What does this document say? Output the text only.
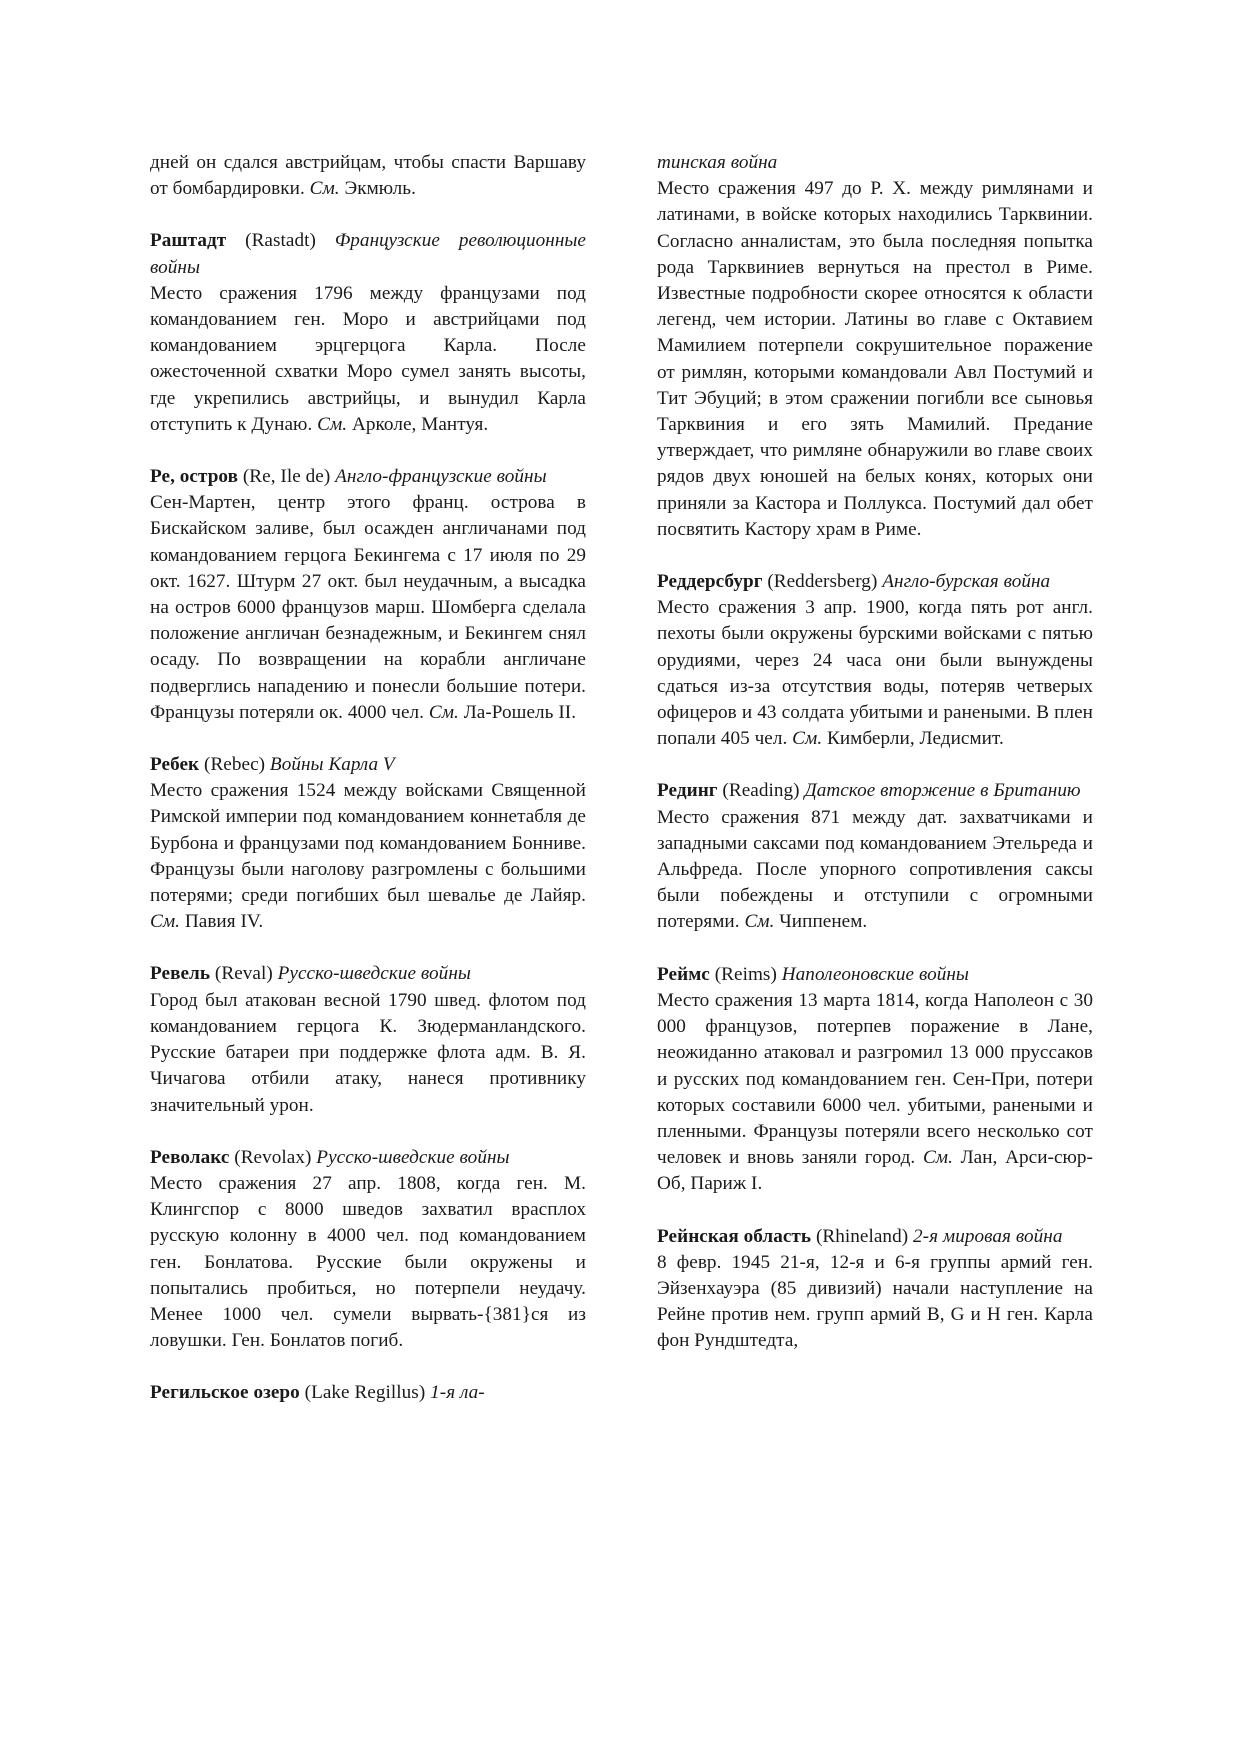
дней он сдался австрийцам, чтобы спасти Варшаву от бомбардировки. См. Экмюль.

Раштадт (Rastadt) Французские революционные войны

Место сражения 1796 между французами под командованием ген. Моро и австрийцами под командованием эрцгерцога Карла. После ожесточенной схватки Моро сумел занять высоты, где укрепились австрийцы, и вынудил Карла отступить к Дунаю. См. Арколе, Мантуя.

Ре, остров (Re, Ile de) Англо-французские войны

Сен-Мартен, центр этого франц. острова в Бискайском заливе, был осажден англичанами под командованием герцога Бекингема с 17 июля по 29 окт. 1627. Штурм 27 окт. был неудачным, а высадка на остров 6000 французов марш. Шомберга сделала положение англичан безнадежным, и Бекингем снял осаду. По возвращении на корабли англичане подверглись нападению и понесли большие потери. Французы потеряли ок. 4000 чел. См. Ла-Рошель II.

Ребек (Rebec) Войны Карла V

Место сражения 1524 между войсками Священной Римской империи под командованием коннетабля де Бурбона и французами под командованием Бонниве. Французы были наголову разгромлены с большими потерями; среди погибших был шевалье де Лайяр. См. Павия IV.

Ревель (Reval) Русско-шведские войны

Город был атакован весной 1790 швед. флотом под командованием герцога К. Зюдерманландского. Русские батареи при поддержке флота адм. В. Я. Чичагова отбили атаку, нанеся противнику значительный урон.

Револакс (Revolax) Русско-шведские войны

Место сражения 27 апр. 1808, когда ген. М. Клингспор с 8000 шведов захватил врасплох русскую колонну в 4000 чел. под командованием ген. Бонлатова. Русские были окружены и попытались пробиться, но потерпели неудачу. Менее 1000 чел. сумели вырвать-{381}ся из ловушки. Ген. Бонлатов погиб.

Регильское озеро (Lake Regillus) 1-я ла-

тинская война

Место сражения 497 до Р. Х. между римлянами и латинами, в войске которых находились Тарквинии. Согласно анналистам, это была последняя попытка рода Тарквиниев вернуться на престол в Риме. Известные подробности скорее относятся к области легенд, чем истории. Латины во главе с Октавием Мамилием потерпели сокрушительное поражение от римлян, которыми командовали Авл Постумий и Тит Эбуций; в этом сражении погибли все сыновья Тарквиния и его зять Мамилий. Предание утверждает, что римляне обнаружили во главе своих рядов двух юношей на белых конях, которых они приняли за Кастора и Поллукса. Постумий дал обет посвятить Кастору храм в Риме.

Реддерсбург (Reddersberg) Англо-бурская война

Место сражения 3 апр. 1900, когда пять рот англ. пехоты были окружены бурскими войсками с пятью орудиями, через 24 часа они были вынуждены сдаться из-за отсутствия воды, потеряв четверых офицеров и 43 солдата убитыми и ранеными. В плен попали 405 чел. См. Кимберли, Ледисмит.

Рединг (Reading) Датское вторжение в Британию

Место сражения 871 между дат. захватчиками и западными саксами под командованием Этельреда и Альфреда. После упорного сопротивления саксы были побеждены и отступили с огромными потерями. См. Чиппенем.

Реймс (Reims) Наполеоновские войны

Место сражения 13 марта 1814, когда Наполеон с 30 000 французов, потерпев поражение в Лане, неожиданно атаковал и разгромил 13 000 пруссаков и русских под командованием ген. Сен-При, потери которых составили 6000 чел. убитыми, ранеными и пленными. Французы потеряли всего несколько сот человек и вновь заняли город. См. Лан, Арси-сюр-Об, Париж I.

Рейнская область (Rhineland) 2-я мировая война

8 февр. 1945 21-я, 12-я и 6-я группы армий ген. Эйзенхауэра (85 дивизий) начали наступление на Рейне против нем. групп армий B, G и H ген. Карла фон Рундштедта,
